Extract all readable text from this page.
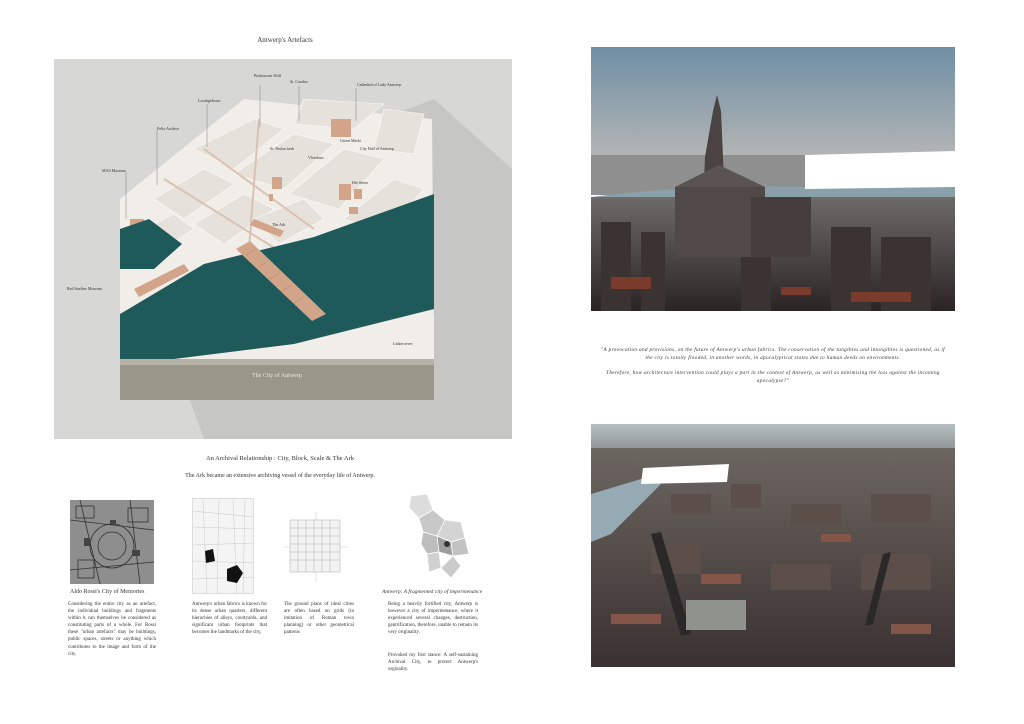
Antwerp's Artefacts
Brabosoont Wall
St. Carolus
Cathedral of Lady Antwerp
Loodsgebouw
Felix Archive
St. Paulus kerk
Vleeshuis
Groen Markt
City Hall of Antwerp
Het Steen
MAS Museum
The Ark
Red Starline Museum
Linkeroever
The City of Antwerp
An Archival Relationship : City, Block, Scale & The Ark
The Ark became an extensive archiving vessel of the everyday life of Antwerp.
Aldo Rossi's City of Memories	Antwerp: A fragmented city of impermenance
Considering the entire city as an artefact, the individual buildings and fragments within it can themselves be considered as constituting parts of a whole. For Rossi these "urban artefacts" may be buildings, public spaces, streets or anything which contributes to the image and form of the city.
Antwerp's urban fabrics is known for its dense urban quarters, different hierachies of alleys, courtyards, and significant urban footprints that becomes the landmarks of the city,
The ground plans of ideal cities are often based on grids (in imitation of Roman town planning) or other geometrical patterns
Being a heavily fortified city, Antwerp is however a city of impermenance, where it experienced several changes, destruction, gentrification, therefore, unable to remain its very originality.
Provoked my first stance: A self-sustaining Archival City, to protect Antwerp's orginality.

"A provocation and provisions, on the future of Antwerp's urban fabrics. The conservation of the tangibles and intangibles is questioned, as if the city is totally flooded, in another words, in apocalyptical states due to human deeds on environments.

Therefore, how architecture intervention could plays a part in the context of Antwerp, as well as minimising the loss against the incoming apocalypse?"
